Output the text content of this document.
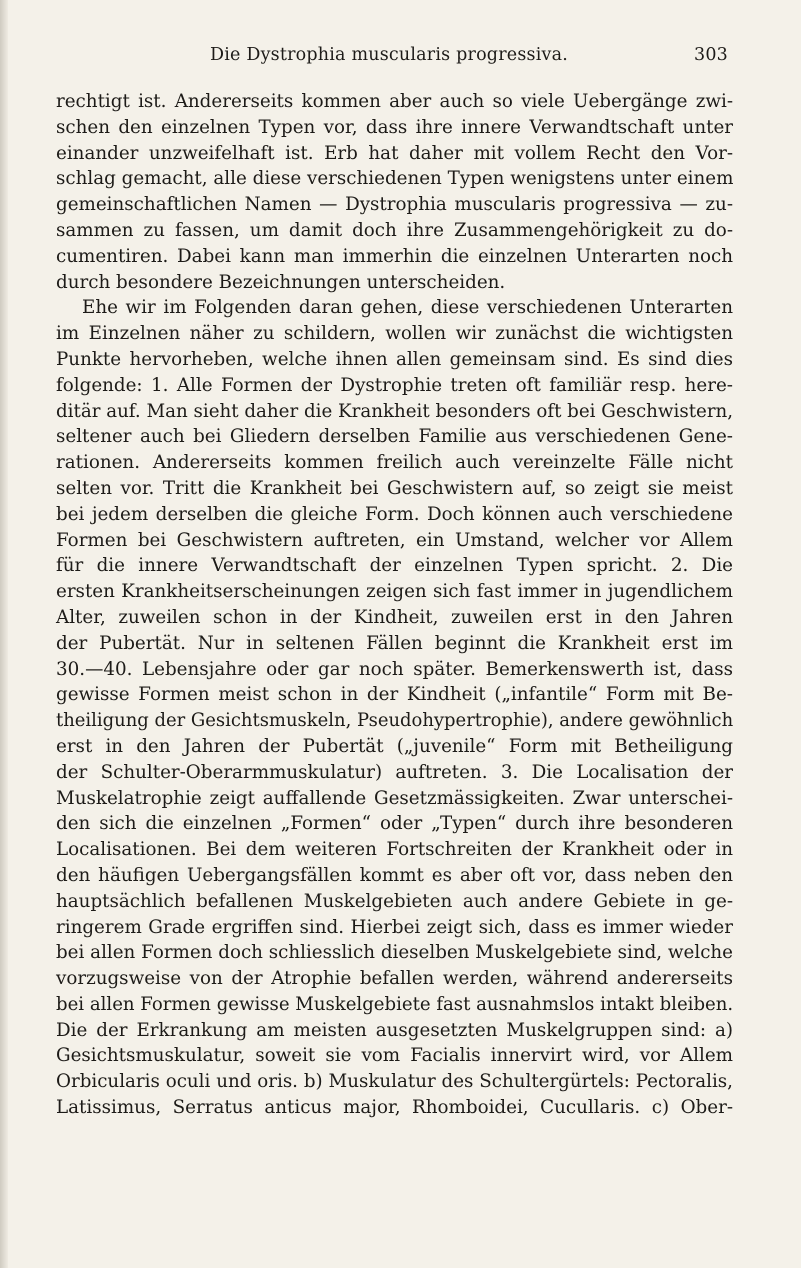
Die Dystrophia muscularis progressiva.	303
rechtigt ist. Andererseits kommen aber auch so viele Uebergänge zwi-
schen den einzelnen Typen vor, dass ihre innere Verwandtschaft unter
einander unzweifelhaft ist. Erb hat daher mit vollem Recht den Vor-
schlag gemacht, alle diese verschiedenen Typen wenigstens unter einem
gemeinschaftlichen Namen — Dystrophia muscularis progressiva — zu-
sammen zu fassen, um damit doch ihre Zusammengehörigkeit zu do-
cumentiren. Dabei kann man immerhin die einzelnen Unterarten noch
durch besondere Bezeichnungen unterscheiden.
Ehe wir im Folgenden daran gehen, diese verschiedenen Unterarten
im Einzelnen näher zu schildern, wollen wir zunächst die wichtigsten
Punkte hervorheben, welche ihnen allen gemeinsam sind. Es sind dies
folgende: 1. Alle Formen der Dystrophie treten oft familiär resp. here-
ditär auf. Man sieht daher die Krankheit besonders oft bei Geschwistern,
seltener auch bei Gliedern derselben Familie aus verschiedenen Gene-
rationen. Andererseits kommen freilich auch vereinzelte Fälle nicht
selten vor. Tritt die Krankheit bei Geschwistern auf, so zeigt sie meist
bei jedem derselben die gleiche Form. Doch können auch verschiedene
Formen bei Geschwistern auftreten, ein Umstand, welcher vor Allem
für die innere Verwandtschaft der einzelnen Typen spricht. 2. Die
ersten Krankheitserscheinungen zeigen sich fast immer in jugendlichem
Alter, zuweilen schon in der Kindheit, zuweilen erst in den Jahren
der Pubertät. Nur in seltenen Fällen beginnt die Krankheit erst im
30.—40. Lebensjahre oder gar noch später. Bemerkenswerth ist, dass
gewisse Formen meist schon in der Kindheit („infantile“ Form mit Be-
theiligung der Gesichtsmuskeln, Pseudohypertrophie), andere gewöhnlich
erst in den Jahren der Pubertät („juvenile“ Form mit Betheiligung
der Schulter-Oberarmmuskulatur) auftreten. 3. Die Localisation der
Muskelatrophie zeigt auffallende Gesetzmässigkeiten. Zwar unterschei-
den sich die einzelnen „Formen“ oder „Typen“ durch ihre besonderen
Localisationen. Bei dem weiteren Fortschreiten der Krankheit oder in
den häufigen Uebergangsfällen kommt es aber oft vor, dass neben den
hauptsächlich befallenen Muskelgebieten auch andere Gebiete in ge-
ringerem Grade ergriffen sind. Hierbei zeigt sich, dass es immer wieder
bei allen Formen doch schliesslich dieselben Muskelgebiete sind, welche
vorzugsweise von der Atrophie befallen werden, während andererseits
bei allen Formen gewisse Muskelgebiete fast ausnahmslos intakt bleiben.
Die der Erkrankung am meisten ausgesetzten Muskelgruppen sind: a)
Gesichtsmuskulatur, soweit sie vom Facialis innervirt wird, vor Allem
Orbicularis oculi und oris. b) Muskulatur des Schultergürtels: Pectoralis,
Latissimus, Serratus anticus major, Rhomboidei, Cucullaris. c) Ober-
